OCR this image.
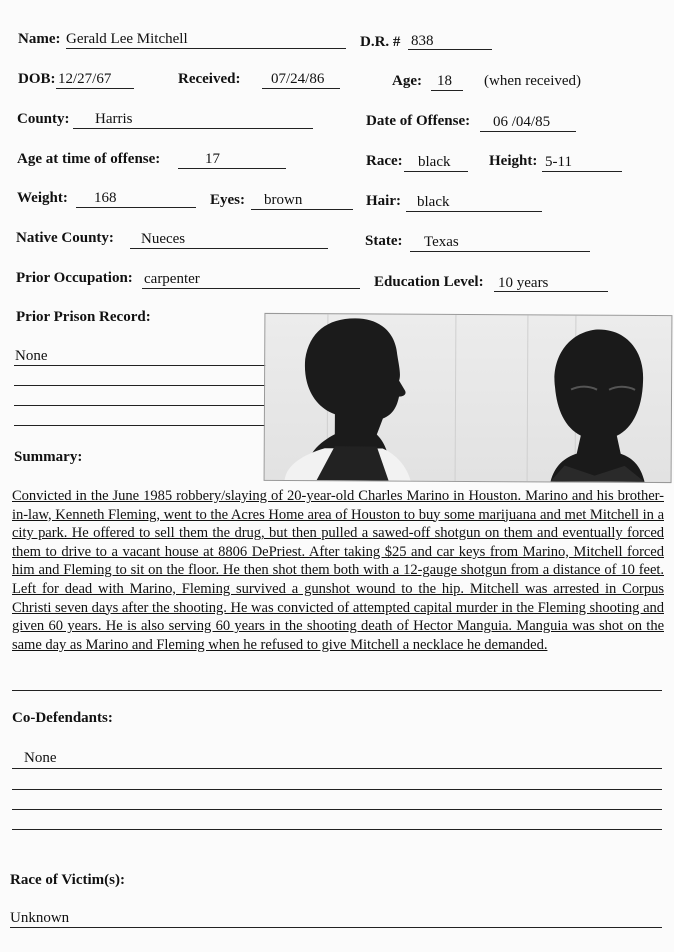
Name: Gerald Lee Mitchell	D.R. # 838
DOB: 12/27/67	Received: 07/24/86	Age: 18 (when received)
County: Harris	Date of Offense: 06 /04/85
Age at time of offense:	17	Race: black	Height: 5-11
Weight: 168	Eyes: brown	Hair: black
Native County: Nueces	State: Texas
Prior Occupation: carpenter	Education Level: 10 years
Prior Prison Record:
None
Summary:
Convicted in the June 1985 robbery/slaying of 20-year-old Charles Marino in Houston. Marino and his brother-in-law, Kenneth Fleming, went to the Acres Home area of Houston to buy some marijuana and met Mitchell in a city park. He offered to sell them the drug, but then pulled a sawed-off shotgun on them and eventually forced them to drive to a vacant house at 8806 DePriest. After taking $25 and car keys from Marino, Mitchell forced him and Fleming to sit on the floor. He then shot them both with a 12-gauge shotgun from a distance of 10 feet. Left for dead with Marino, Fleming survived a gunshot wound to the hip. Mitchell was arrested in Corpus Christi seven days after the shooting. He was convicted of attempted capital murder in the Fleming shooting and given 60 years. He is also serving 60 years in the shooting death of Hector Manguia. Manguia was shot on the same day as Marino and Fleming when he refused to give Mitchell a necklace he demanded.
Co-Defendants:
None
Race of Victim(s):
Unknown
